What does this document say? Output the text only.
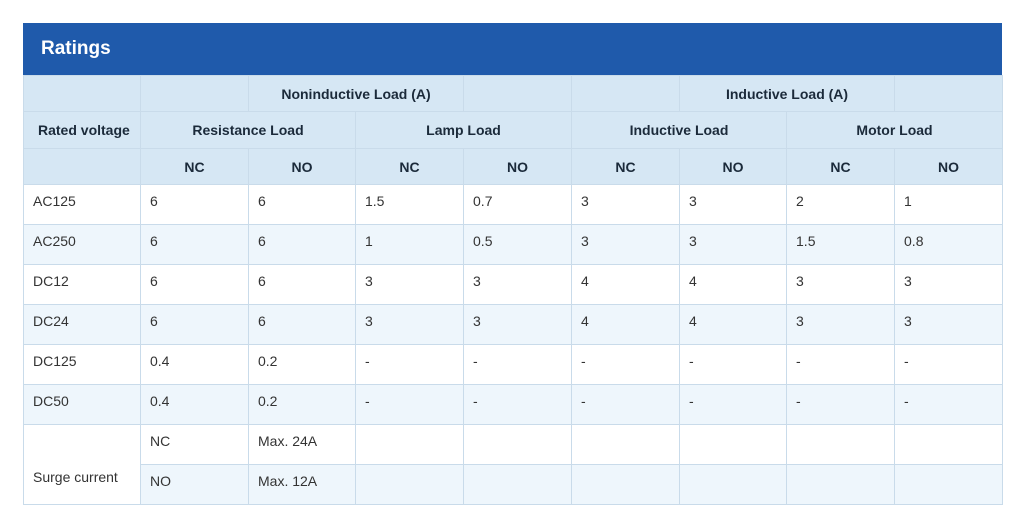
Ratings
		Noninductive Load (A)				Inductive Load (A)		
Rated voltage	Resistance Load		Lamp Load		Inductive Load		Motor Load	
	NC	NO	NC	NO	NC	NO	NC	NO
AC125	6	6	1.5	0.7	3	3	2	1
AC250	6	6	1	0.5	3	3	1.5	0.8
DC12	6	6	3	3	4	4	3	3
DC24	6	6	3	3	4	4	3	3
DC125	0.4	0.2	-	-	-	-	-	-
DC50	0.4	0.2	-	-	-	-	-	-
Surge current	NC	Max. 24A						
	NO	Max. 12A						
